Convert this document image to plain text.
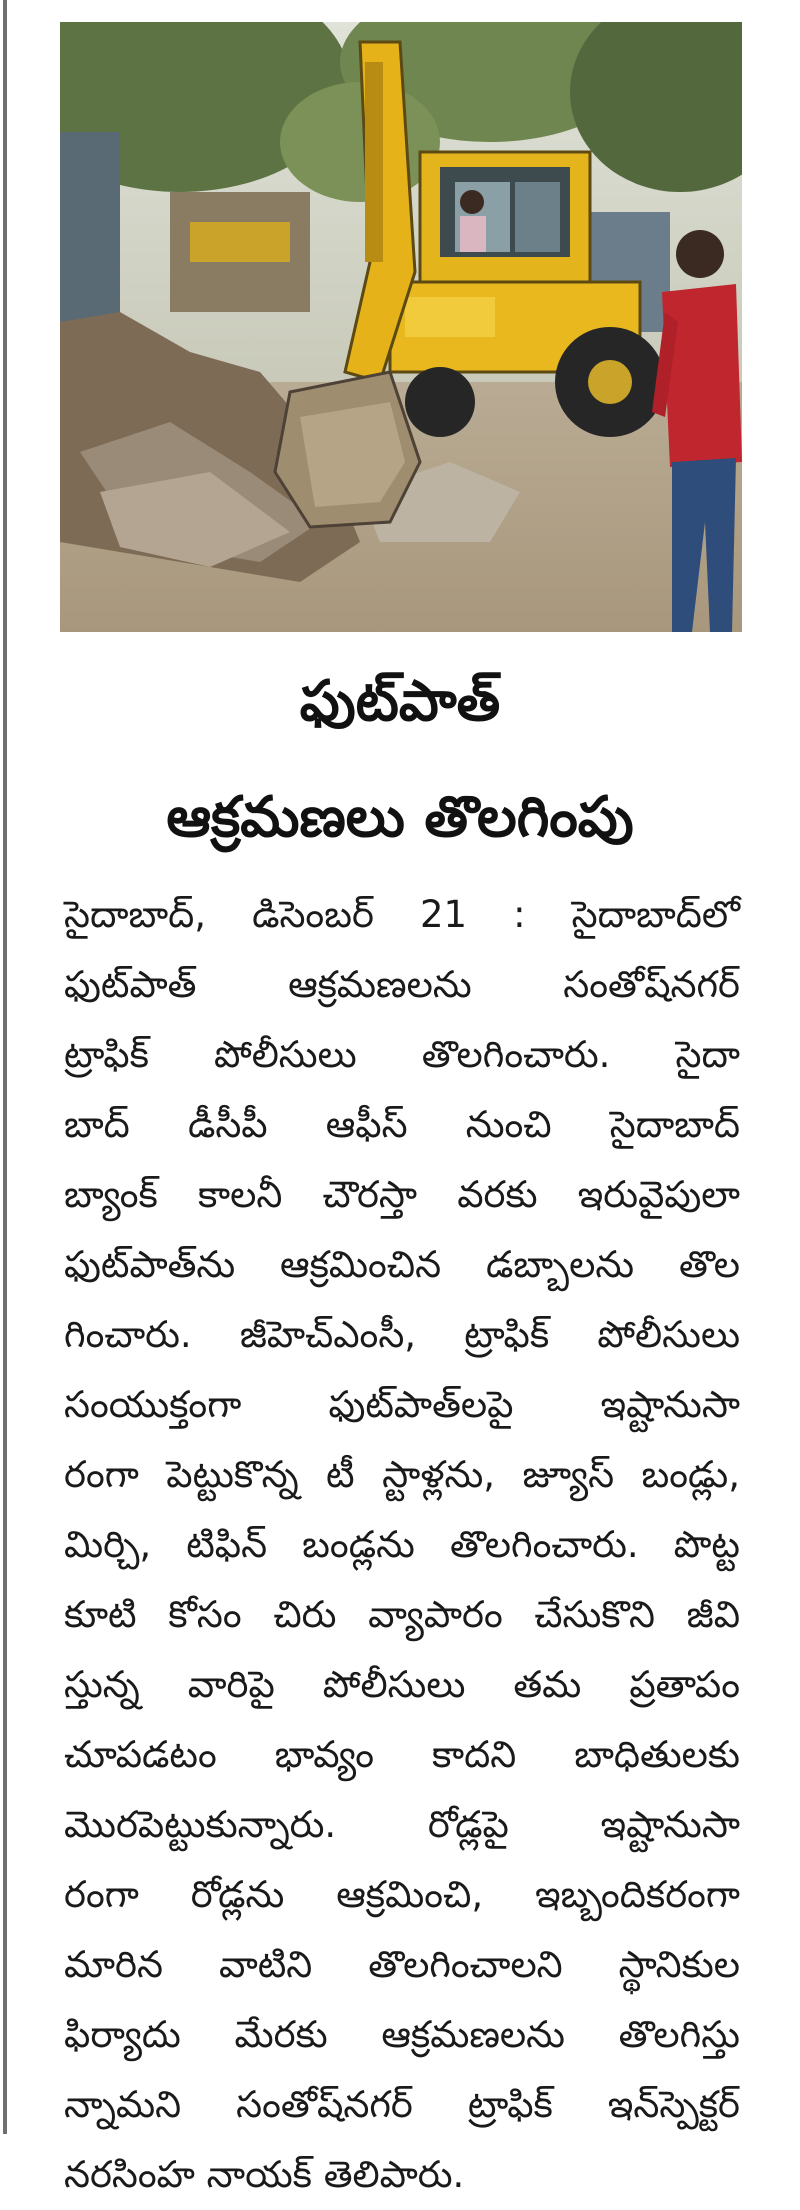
ఫుట్‌పాత్
ఆక్రమణలు తొలగింపు
సైదాబాద్, డిసెంబర్ 21 : సైదాబాద్‌లో
ఫుట్‌పాత్ ఆక్రమణలను సంతోష్‌నగర్
ట్రాఫిక్ పోలీసులు తొలగించారు. సైదా
బాద్ డీసీపీ ఆఫీస్ నుంచి సైదాబాద్
బ్యాంక్ కాలనీ చౌరస్తా వరకు ఇరువైపులా
ఫుట్‌పాత్‌ను ఆక్రమించిన డబ్బాలను తొల
గించారు. జీహెచ్‌ఎంసీ, ట్రాఫిక్ పోలీసులు
సంయుక్తంగా ఫుట్‌పాత్‌లపై ఇష్టానుసా
రంగా పెట్టుకొన్న టీ స్టాళ్లను, జ్యూస్ బండ్లు,
మిర్చి, టిఫిన్ బండ్లను తొలగించారు. పొట్ట
కూటి కోసం చిరు వ్యాపారం చేసుకొని జీవి
స్తున్న వారిపై పోలీసులు తమ ప్రతాపం
చూపడటం భావ్యం కాదని బాధితులకు
మొరపెట్టుకున్నారు. రోడ్లపై ఇష్టానుసా
రంగా రోడ్లను ఆక్రమించి, ఇబ్బందికరంగా
మారిన వాటిని తొలగించాలని స్థానికుల
ఫిర్యాదు మేరకు ఆక్రమణలను తొలగిస్తు
న్నామని సంతోష్‌నగర్ ట్రాఫిక్ ఇన్‌స్పెక్టర్
నరసింహ నాయక్ తెలిపారు.
